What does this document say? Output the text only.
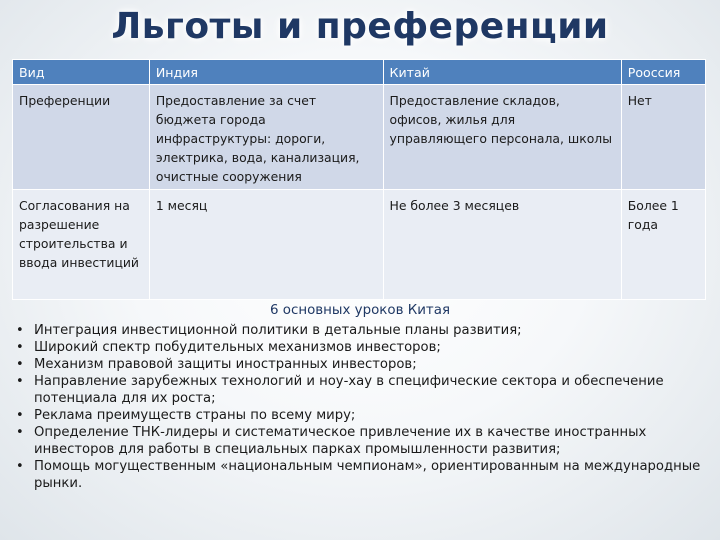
Льготы и преференции
Вид	Индия	Китай	Роосcия
Преференции	Предоставление за счет бюджета города инфраструктуры: дороги, электрика, вода, канализация, очистные сооружения	Предоставление складов, офисов, жилья для управляющего персонала, школы	Нет
Согласования на разрешение строительства и ввода инвестиций	1 месяц	Не более 3 месяцев	Более 1 года
6 основных уроков Китая
• Интеграция инвестиционной политики в детальные планы развития;
• Широкий спектр побудительных механизмов инвесторов;
• Механизм правовой защиты иностранных инвесторов;
• Направление зарубежных технологий и ноу-хау в специфические сектора и обеспечение потенциала для их роста;
• Реклама преимуществ страны по всему миру;
• Определение ТНК-лидеры и систематическое привлечение их в качестве иностранных инвесторов для работы в специальных парках промышленности развития;
• Помощь могущественным «национальным чемпионам», ориентированным на международные рынки.
